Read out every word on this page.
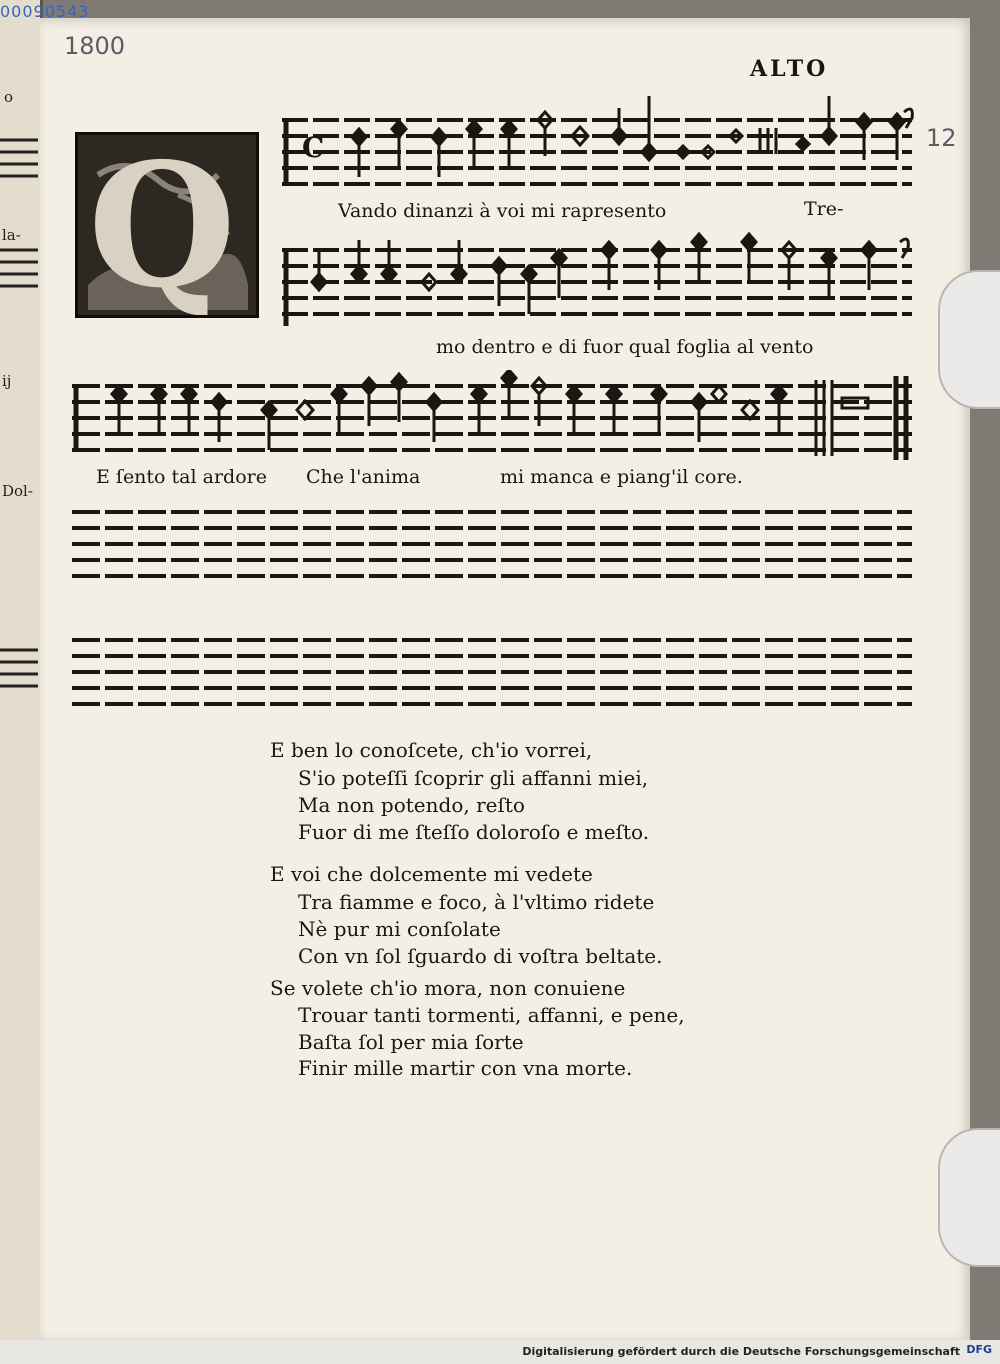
o
la-
ij
Dol-
00090543
1800
12
ALTO
Q C
Vando dinanzi à voi mi rapresento	Tre-
mo dentro e di fuor qual foglia al vento
E ſento tal ardore Che l'anima	mi manca e piang'il core.
E ben lo conoſcete, ch'io vorrei,
S'io poteſſi ſcoprir gli affanni miei,
Ma non potendo, reſto
Fuor di me ſteſſo doloroſo e meſto.
E voi che dolcemente mi vedete
Tra fiamme e foco, à l'vltimo ridete
Nè pur mi conſolate
Con vn ſol ſguardo di voſtra beltate.
Se volete ch'io mora, non conuiene
Trouar tanti tormenti, affanni, e pene,
Baſta ſol per mia ſorte
Finir mille martir con vna morte.
Digitalisierung gefördert durch die Deutsche Forschungsgemeinschaft DFG
